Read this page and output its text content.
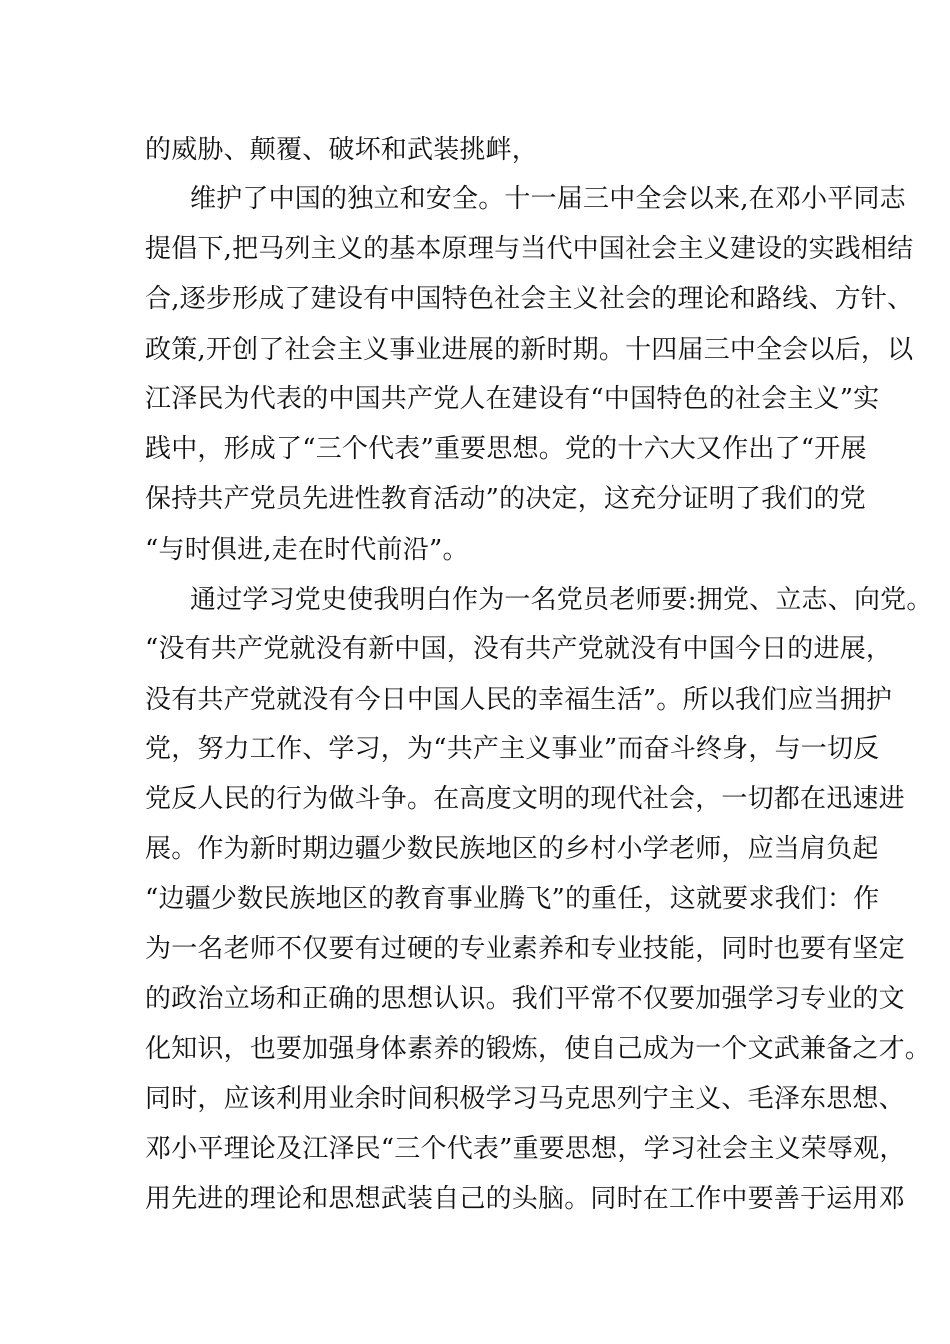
的威胁、颠覆、破坏和武装挑衅，
维护了中国的独立和安全。十一届三中全会以来,在邓小平同志
提倡下,把马列主义的基本原理与当代中国社会主义建设的实践相结
合,逐步形成了建设有中国特色社会主义社会的理论和路线、方针、
政策,开创了社会主义事业进展的新时期。十四届三中全会以后，以
江泽民为代表的中国共产党人在建设有“中国特色的社会主义”实
践中，形成了“三个代表”重要思想。党的十六大又作出了“开展
保持共产党员先进性教育活动”的决定，这充分证明了我们的党
“与时俱进,走在时代前沿”。
通过学习党史使我明白作为一名党员老师要:拥党、立志、向党。
“没有共产党就没有新中国，没有共产党就没有中国今日的进展，
没有共产党就没有今日中国人民的幸福生活”。所以我们应当拥护
党，努力工作、学习，为“共产主义事业”而奋斗终身，与一切反
党反人民的行为做斗争。在高度文明的现代社会，一切都在迅速进
展。作为新时期边疆少数民族地区的乡村小学老师，应当肩负起
“边疆少数民族地区的教育事业腾飞”的重任，这就要求我们：作
为一名老师不仅要有过硬的专业素养和专业技能，同时也要有坚定
的政治立场和正确的思想认识。我们平常不仅要加强学习专业的文
化知识，也要加强身体素养的锻炼，使自己成为一个文武兼备之才。
同时，应该利用业余时间积极学习马克思列宁主义、毛泽东思想、
邓小平理论及江泽民“三个代表”重要思想，学习社会主义荣辱观，
用先进的理论和思想武装自己的头脑。同时在工作中要善于运用邓
